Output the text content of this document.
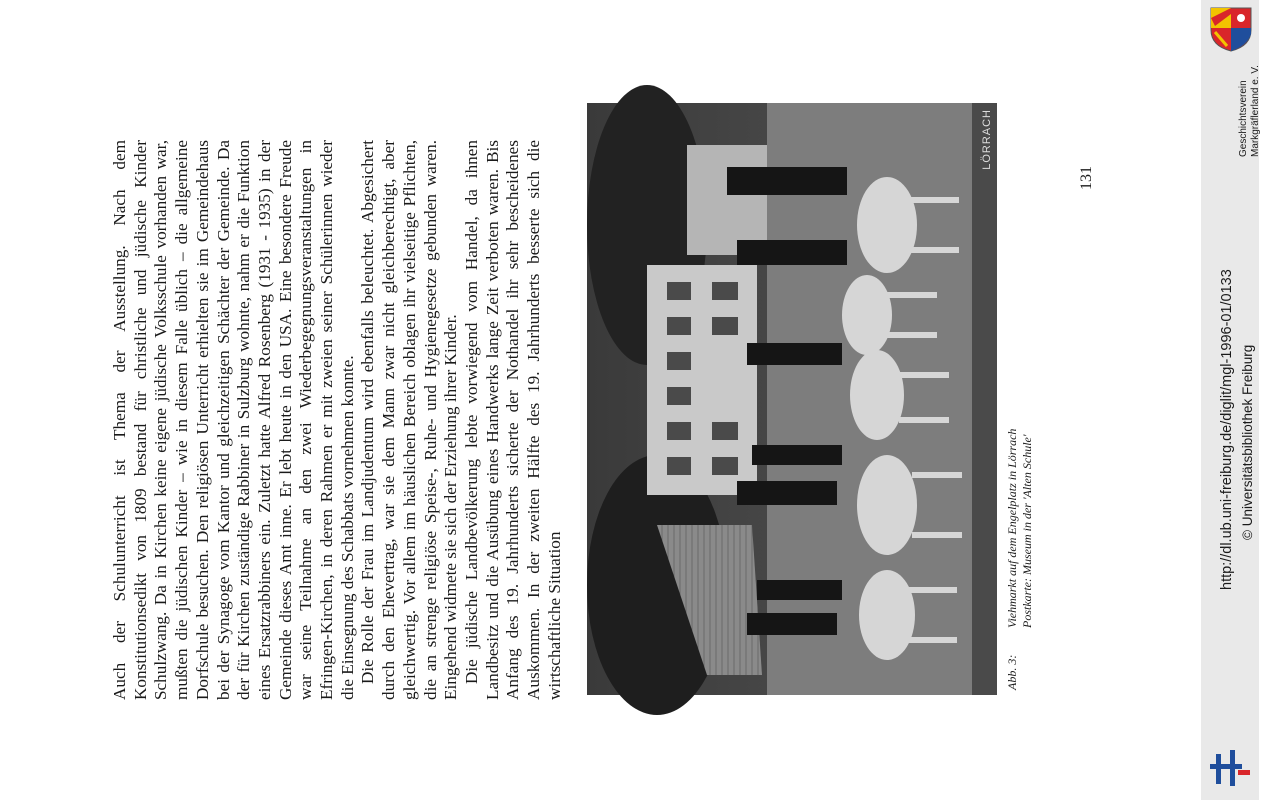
Auch der Schulunterricht ist Thema der Ausstellung. Nach dem Konstitutionsedikt von 1809 bestand für christliche und jüdische Kinder Schulzwang. Da in Kirchen keine eigene jüdische Volksschule vorhanden war, mußten die jüdischen Kinder – wie in diesem Falle üblich – die allgemeine Dorfschule besuchen. Den religiösen Unterricht erhielten sie im Gemeindehaus bei der Synagoge vom Kantor und gleichzeitigen Schächter der Gemeinde. Da der für Kirchen zuständige Rabbiner in Sulzburg wohnte, nahm er die Funktion eines Ersatzrabbiners ein. Zuletzt hatte Alfred Rosenberg (1931 - 1935) in der Gemeinde dieses Amt inne. Er lebt heute in den USA. Eine besondere Freude war seine Teilnahme an den zwei Wiederbegegnungsveranstaltungen in Efringen-Kirchen, in deren Rahmen er mit zweien seiner Schülerinnen wieder die Einsegnung des Schabbats vornehmen konnte. Die Rolle der Frau im Landjudentum wird ebenfalls beleuchtet. Abgesichert durch den Ehevertrag, war sie dem Mann zwar nicht gleichberechtigt, aber gleichwertig. Vor allem im häuslichen Bereich oblagen ihr vielseitige Pflichten, die an strenge religiöse Speise-, Ruhe- und Hygienegesetze gebunden waren. Eingehend widmete sie sich der Erziehung ihrer Kinder. Die jüdische Landbevölkerung lebte vorwiegend vom Handel, da ihnen Landbesitz und die Ausübung eines Handwerks lange Zeit verboten waren. Bis Anfang des 19. Jahrhunderts sicherte der Nothandel ihr sehr bescheidenes Auskommen. In der zweiten Hälfte des 19. Jahrhunderts besserte sich die wirtschaftliche Situation

LÖRRACH
Abb. 3:Viehmarkt auf dem Engelplatz in Lörrach Postkarte: Museum in der 'Alten Schule'
131
Geschichtsverein Markgräflerland e. V.
http://dl.ub.uni-freiburg.de/diglit/mgl-1996-01/0133 © Universitätsbibliothek Freiburg
